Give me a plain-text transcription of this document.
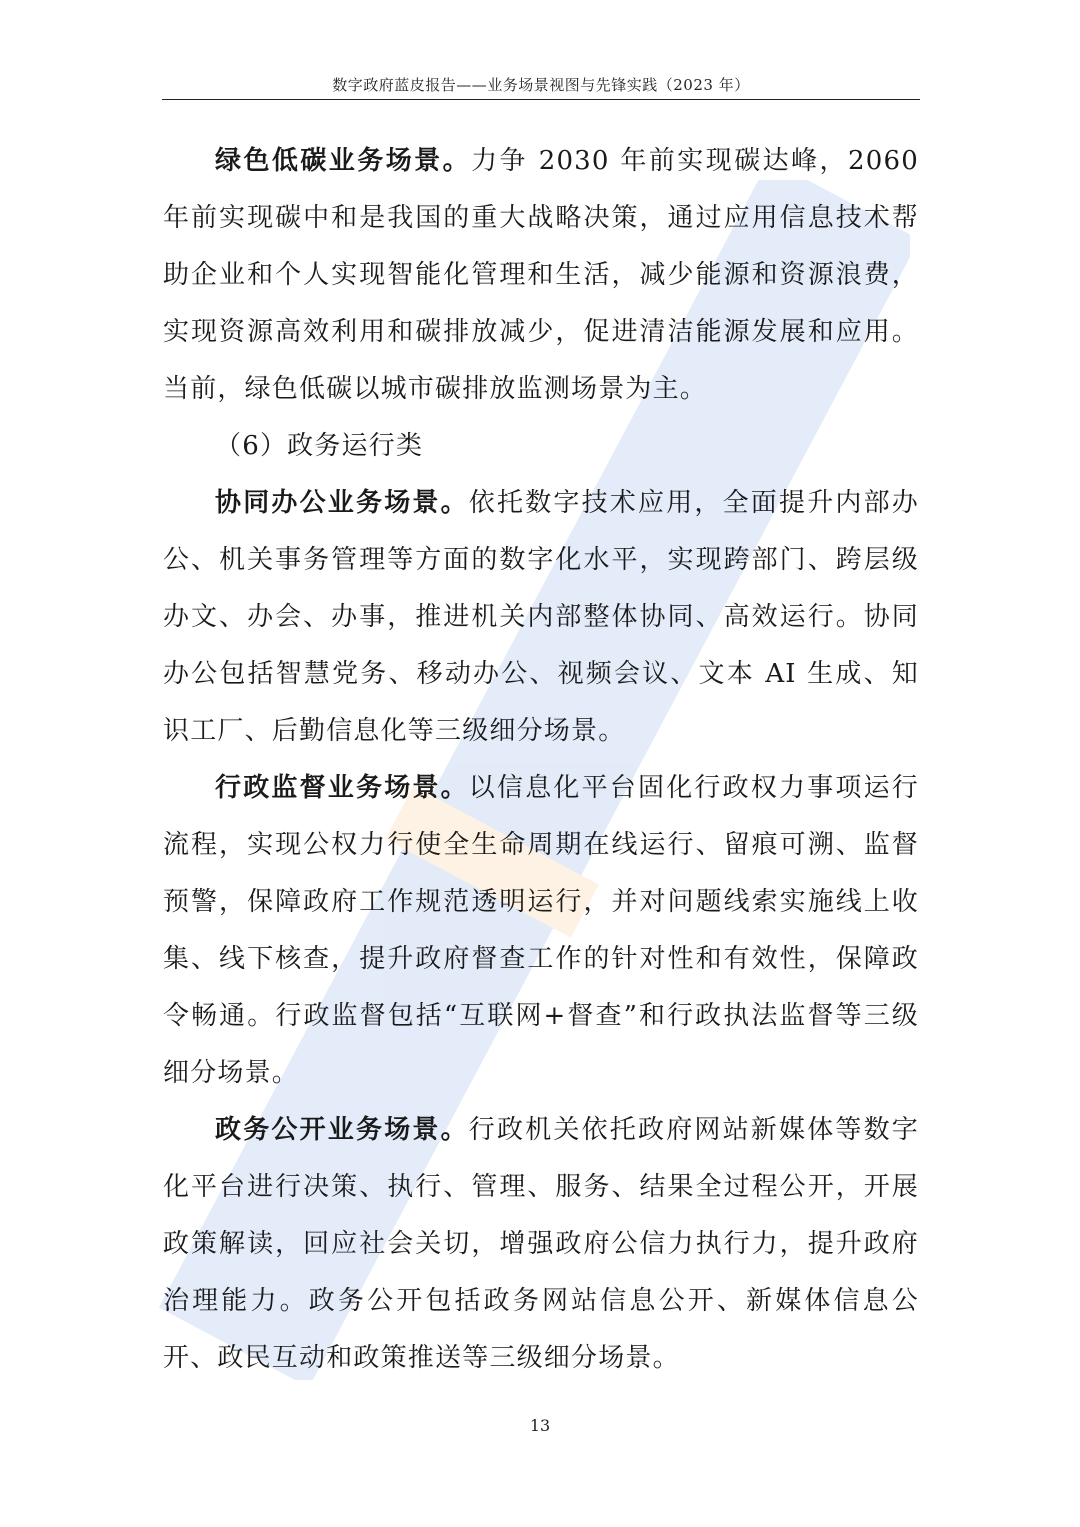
数字政府蓝皮报告——业务场景视图与先锋实践（2023 年）

绿色低碳业务场景。力争 2030 年前实现碳达峰，2060 年前实现碳中和是我国的重大战略决策，通过应用信息技术帮助企业和个人实现智能化管理和生活，减少能源和资源浪费，实现资源高效利用和碳排放减少，促进清洁能源发展和应用。当前，绿色低碳以城市碳排放监测场景为主。

（6）政务运行类

协同办公业务场景。依托数字技术应用，全面提升内部办公、机关事务管理等方面的数字化水平，实现跨部门、跨层级办文、办会、办事，推进机关内部整体协同、高效运行。协同办公包括智慧党务、移动办公、视频会议、文本 AI 生成、知识工厂、后勤信息化等三级细分场景。

行政监督业务场景。以信息化平台固化行政权力事项运行流程，实现公权力行使全生命周期在线运行、留痕可溯、监督预警，保障政府工作规范透明运行，并对问题线索实施线上收集、线下核查，提升政府督查工作的针对性和有效性，保障政令畅通。行政监督包括“互联网+督查”和行政执法监督等三级细分场景。

政务公开业务场景。行政机关依托政府网站新媒体等数字化平台进行决策、执行、管理、服务、结果全过程公开，开展政策解读，回应社会关切，增强政府公信力执行力，提升政府治理能力。政务公开包括政务网站信息公开、新媒体信息公开、政民互动和政策推送等三级细分场景。

13
